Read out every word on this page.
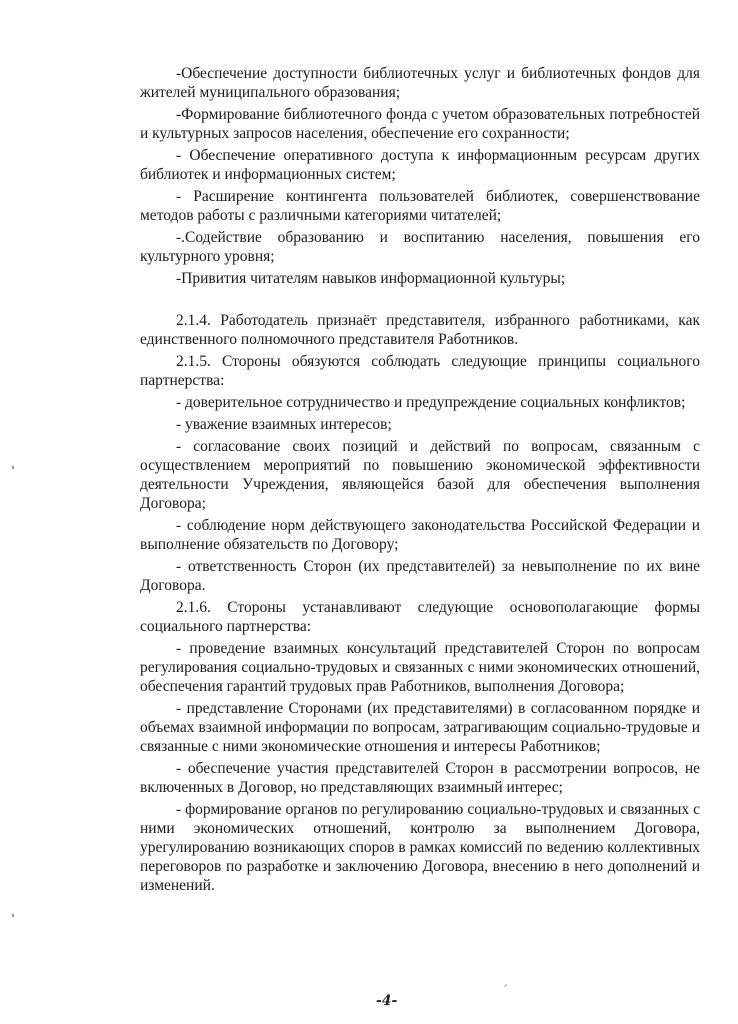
-Обеспечение доступности библиотечных услуг и библиотечных фондов для жителей муниципального образования;

-Формирование библиотечного фонда с учетом образовательных потребностей и культурных запросов населения, обеспечение его сохранности;

- Обеспечение оперативного доступа к информационным ресурсам других библиотек и информационных систем;

- Расширение контингента пользователей библиотек, совершенствование методов работы с различными категориями читателей;

-.Содействие образованию и воспитанию населения, повышения его культурного уровня;

-Привития читателям навыков информационной культуры;

2.1.4. Работодатель признаёт представителя, избранного работниками, как единственного полномочного представителя Работников.

2.1.5. Стороны обязуются соблюдать следующие принципы социального партнерства:

- доверительное сотрудничество и предупреждение социальных конфликтов;

- уважение взаимных интересов;

- согласование своих позиций и действий по вопросам, связанным с осуществлением мероприятий по повышению экономической эффективности деятельности Учреждения, являющейся базой для обеспечения выполнения Договора;

- соблюдение норм действующего законодательства Российской Федерации и выполнение обязательств по Договору;

- ответственность Сторон (их представителей) за невыполнение по их вине Договора.

2.1.6. Стороны устанавливают следующие основополагающие формы социального партнерства:

- проведение взаимных консультаций представителей Сторон по вопросам регулирования социально-трудовых и связанных с ними экономических отношений, обеспечения гарантий трудовых прав Работников, выполнения Договора;

- представление Сторонами (их представителями) в согласованном порядке и объемах взаимной информации по вопросам, затрагивающим социально-трудовые и связанные с ними экономические отношения и интересы Работников;

- обеспечение участия представителей Сторон в рассмотрении вопросов, не включенных в Договор, но представляющих взаимный интерес;

- формирование органов по регулированию социально-трудовых и связанных с ними экономических отношений, контролю за выполнением Договора, урегулированию возникающих споров в рамках комиссий по ведению коллективных переговоров по разработке и заключению Договора, внесению в него дополнений и изменений.

-4-
